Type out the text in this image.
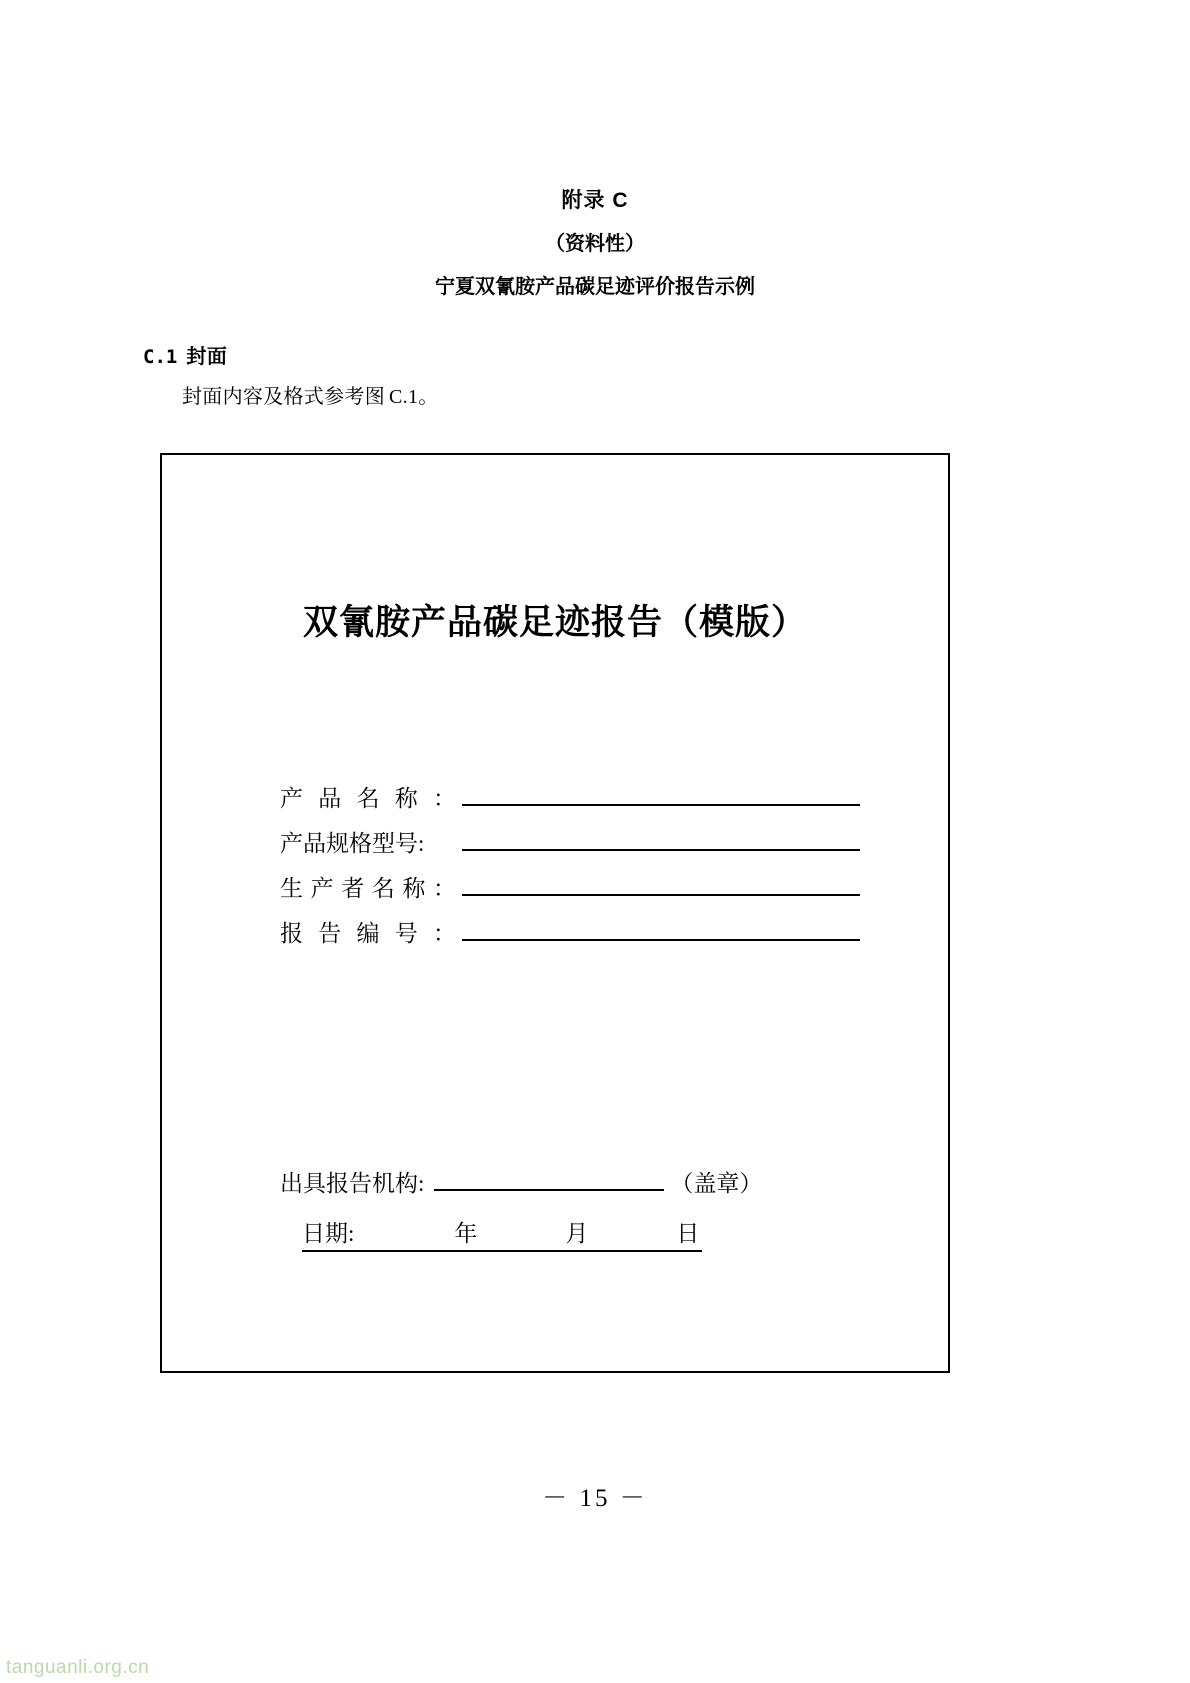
附录 C
（资料性）
宁夏双氰胺产品碳足迹评价报告示例
C.1 封面
封面内容及格式参考图 C.1。
双氰胺产品碳足迹报告（模版）
产 品 名 称 ：
产品规格型号:
生 产 者 名 称 ：
报 告 编 号 ：
出具报告机构:	（盖章）
日期:	年	月	日
－ 15 －
tanguanli.org.cn
